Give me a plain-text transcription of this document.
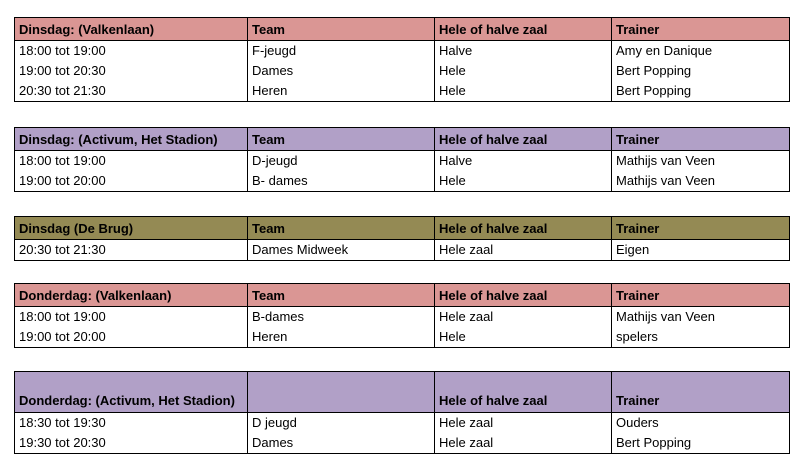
Dinsdag: (Valkenlaan)	Team	Hele of halve zaal	Trainer
18:00 tot 19:00	F-jeugd	Halve	Amy en Danique
19:00 tot 20:30	Dames	Hele	Bert Popping
20:30 tot 21:30	Heren	Hele	Bert Popping
Dinsdag: (Activum, Het Stadion)	Team	Hele of halve zaal	Trainer
18:00 tot 19:00	D-jeugd	Halve	Mathijs van Veen
19:00 tot 20:00	B- dames	Hele	Mathijs van Veen
Dinsdag (De Brug)	Team	Hele of halve zaal	Trainer
20:30 tot 21:30	Dames Midweek	Hele zaal	Eigen
Donderdag: (Valkenlaan)	Team	Hele of halve zaal	Trainer
18:00 tot 19:00	B-dames	Hele zaal	Mathijs van Veen
19:00 tot 20:00	Heren	Hele	spelers
Donderdag: (Activum, Het Stadion)		Hele of halve zaal	Trainer
18:30 tot 19:30	D jeugd	Hele zaal	Ouders
19:30 tot 20:30	Dames	Hele zaal	Bert Popping
